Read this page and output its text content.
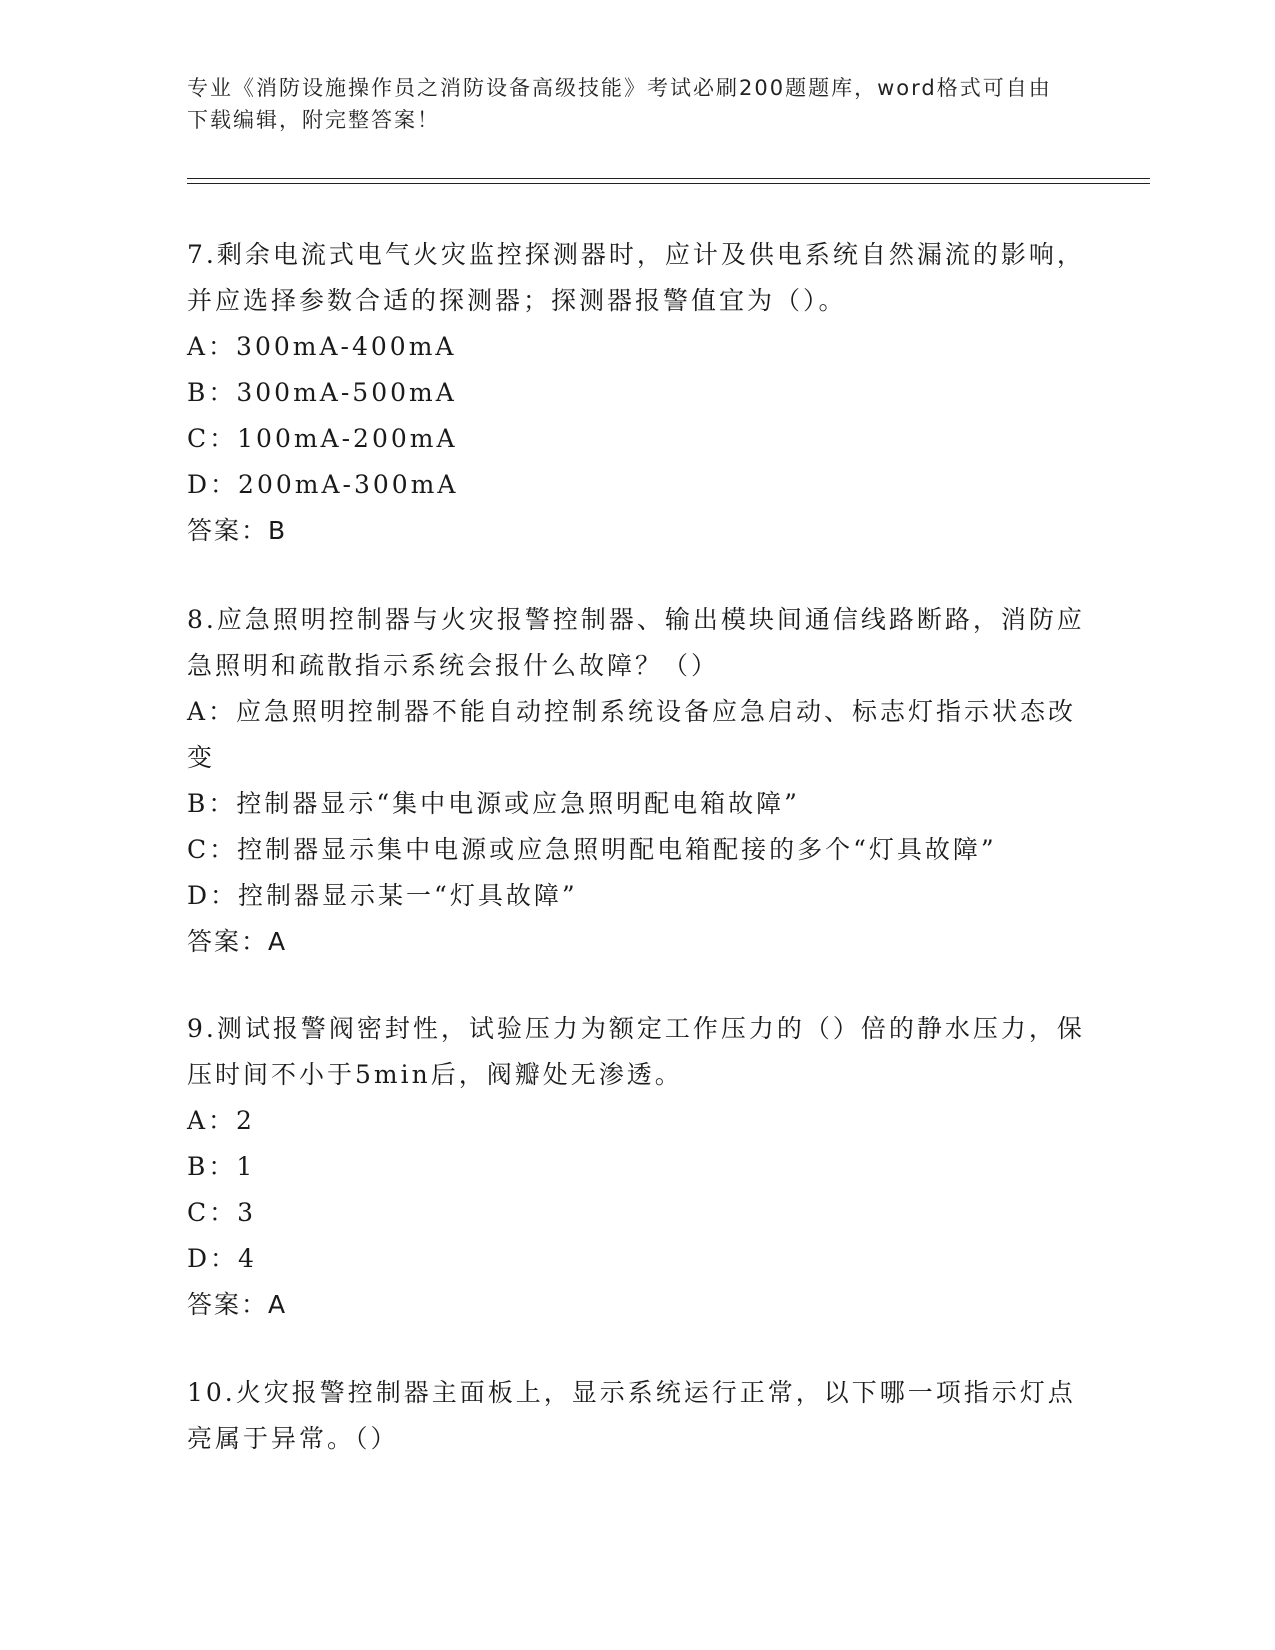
专业《消防设施操作员之消防设备高级技能》考试必刷200题题库，word格式可自由下载编辑，附完整答案！

7.剩余电流式电气火灾监控探测器时，应计及供电系统自然漏流的影响，并应选择参数合适的探测器；探测器报警值宜为（）。

A：300mA-400mA

B：300mA-500mA

C：100mA-200mA

D：200mA-300mA

答案：B

8.应急照明控制器与火灾报警控制器、输出模块间通信线路断路，消防应急照明和疏散指示系统会报什么故障？（）

A：应急照明控制器不能自动控制系统设备应急启动、标志灯指示状态改变

B：控制器显示“集中电源或应急照明配电箱故障”

C：控制器显示集中电源或应急照明配电箱配接的多个“灯具故障”

D：控制器显示某一“灯具故障”

答案：A

9.测试报警阀密封性，试验压力为额定工作压力的（）倍的静水压力，保压时间不小于5min后，阀瓣处无渗透。

A：2

B：1

C：3

D：4

答案：A

10.火灾报警控制器主面板上，显示系统运行正常，以下哪一项指示灯点亮属于异常。（）
